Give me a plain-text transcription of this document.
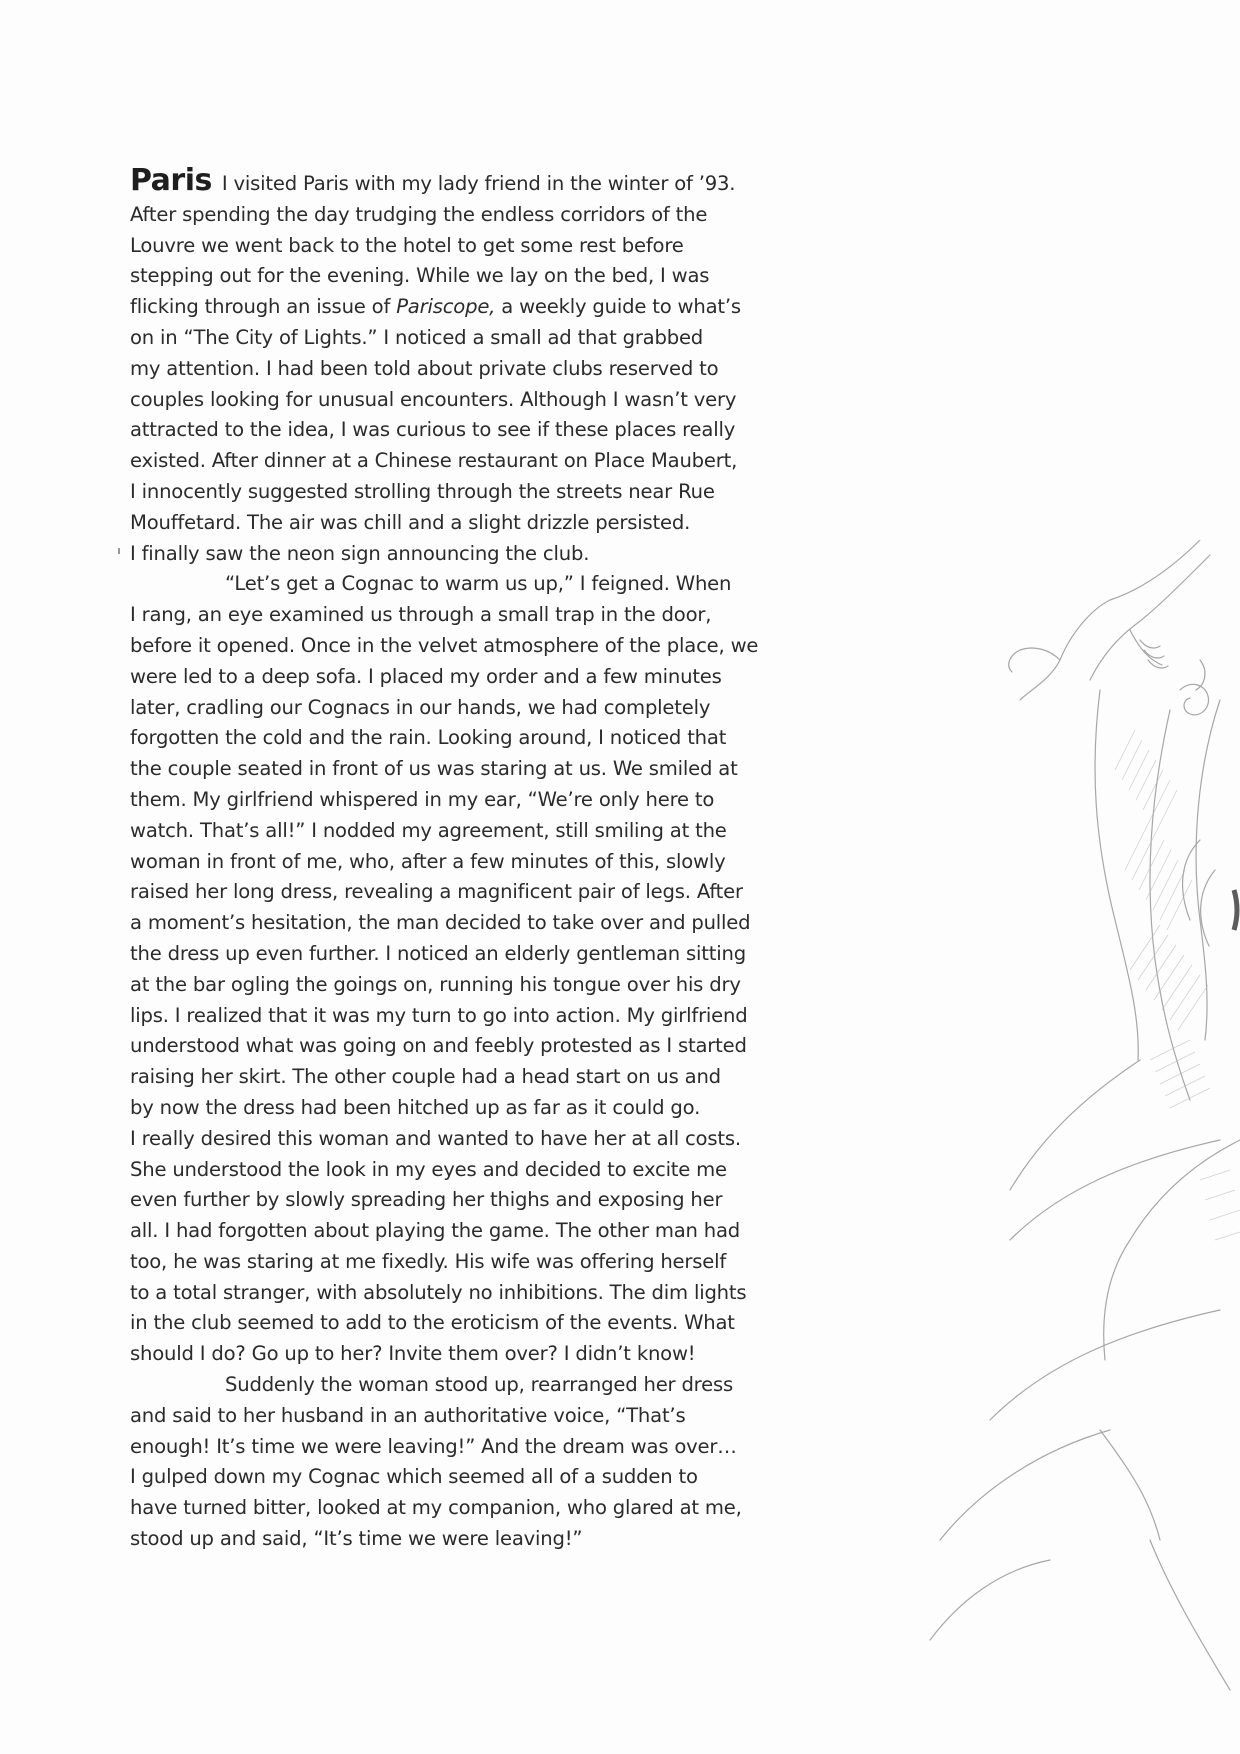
Paris I visited Paris with my lady friend in the winter of ’93.
After spending the day trudging the endless corridors of the
Louvre we went back to the hotel to get some rest before
stepping out for the evening. While we lay on the bed, I was
flicking through an issue of Pariscope, a weekly guide to what’s
on in “The City of Lights.” I noticed a small ad that grabbed
my attention. I had been told about private clubs reserved to
couples looking for unusual encounters. Although I wasn’t very
attracted to the idea, I was curious to see if these places really
existed. After dinner at a Chinese restaurant on Place Maubert,
I innocently suggested strolling through the streets near Rue
Mouffetard. The air was chill and a slight drizzle persisted.
I finally saw the neon sign announcing the club.
“Let’s get a Cognac to warm us up,” I feigned. When
I rang, an eye examined us through a small trap in the door,
before it opened. Once in the velvet atmosphere of the place, we
were led to a deep sofa. I placed my order and a few minutes
later, cradling our Cognacs in our hands, we had completely
forgotten the cold and the rain. Looking around, I noticed that
the couple seated in front of us was staring at us. We smiled at
them. My girlfriend whispered in my ear, “We’re only here to
watch. That’s all!” I nodded my agreement, still smiling at the
woman in front of me, who, after a few minutes of this, slowly
raised her long dress, revealing a magnificent pair of legs. After
a moment’s hesitation, the man decided to take over and pulled
the dress up even further. I noticed an elderly gentleman sitting
at the bar ogling the goings on, running his tongue over his dry
lips. I realized that it was my turn to go into action. My girlfriend
understood what was going on and feebly protested as I started
raising her skirt. The other couple had a head start on us and
by now the dress had been hitched up as far as it could go.
I really desired this woman and wanted to have her at all costs.
She understood the look in my eyes and decided to excite me
even further by slowly spreading her thighs and exposing her
all. I had forgotten about playing the game. The other man had
too, he was staring at me fixedly. His wife was offering herself
to a total stranger, with absolutely no inhibitions. The dim lights
in the club seemed to add to the eroticism of the events. What
should I do? Go up to her? Invite them over? I didn’t know!
Suddenly the woman stood up, rearranged her dress
and said to her husband in an authoritative voice, “That’s
enough! It’s time we were leaving!” And the dream was over…
I gulped down my Cognac which seemed all of a sudden to
have turned bitter, looked at my companion, who glared at me,
stood up and said, “It’s time we were leaving!”
